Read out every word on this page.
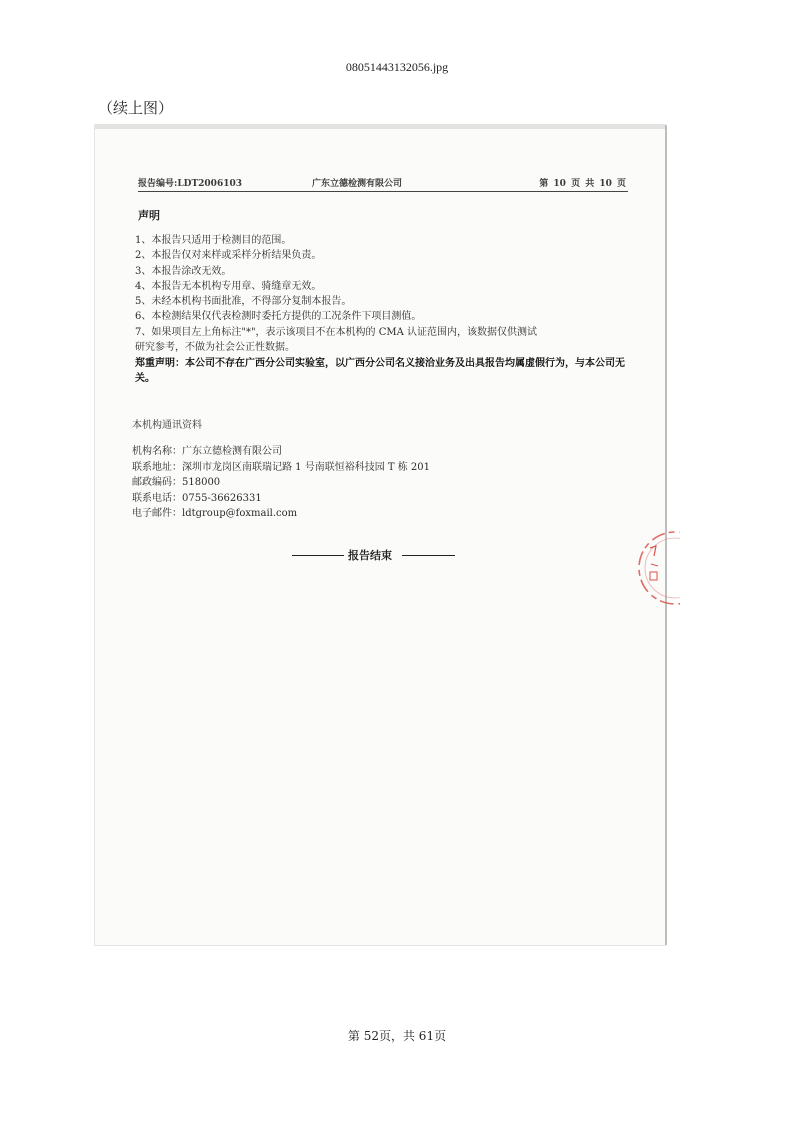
08051443132056.jpg
（续上图）
报告编号:LDT2006103	广东立德检测有限公司	第 10 页 共 10 页
声明
1、本报告只适用于检测目的范围。
2、本报告仅对来样或采样分析结果负责。
3、本报告涂改无效。
4、本报告无本机构专用章、骑缝章无效。
5、未经本机构书面批准，不得部分复制本报告。
6、本检测结果仅代表检测时委托方提供的工况条件下项目测值。
7、如果项目左上角标注"*"，表示该项目不在本机构的 CMA 认证范围内，该数据仅供测试
研究参考，不做为社会公正性数据。
郑重声明：本公司不存在广西分公司实验室，以广西分公司名义接洽业务及出具报告均属虚假行为，与本公司无关。
本机构通讯资料
机构名称：广东立德检测有限公司
联系地址：深圳市龙岗区南联瑞记路 1 号南联恒裕科技园 T 栋 201
邮政编码：518000
联系电话：0755-36626331
电子邮件：ldtgroup@foxmail.com
报告结束
第 52页，共 61页
